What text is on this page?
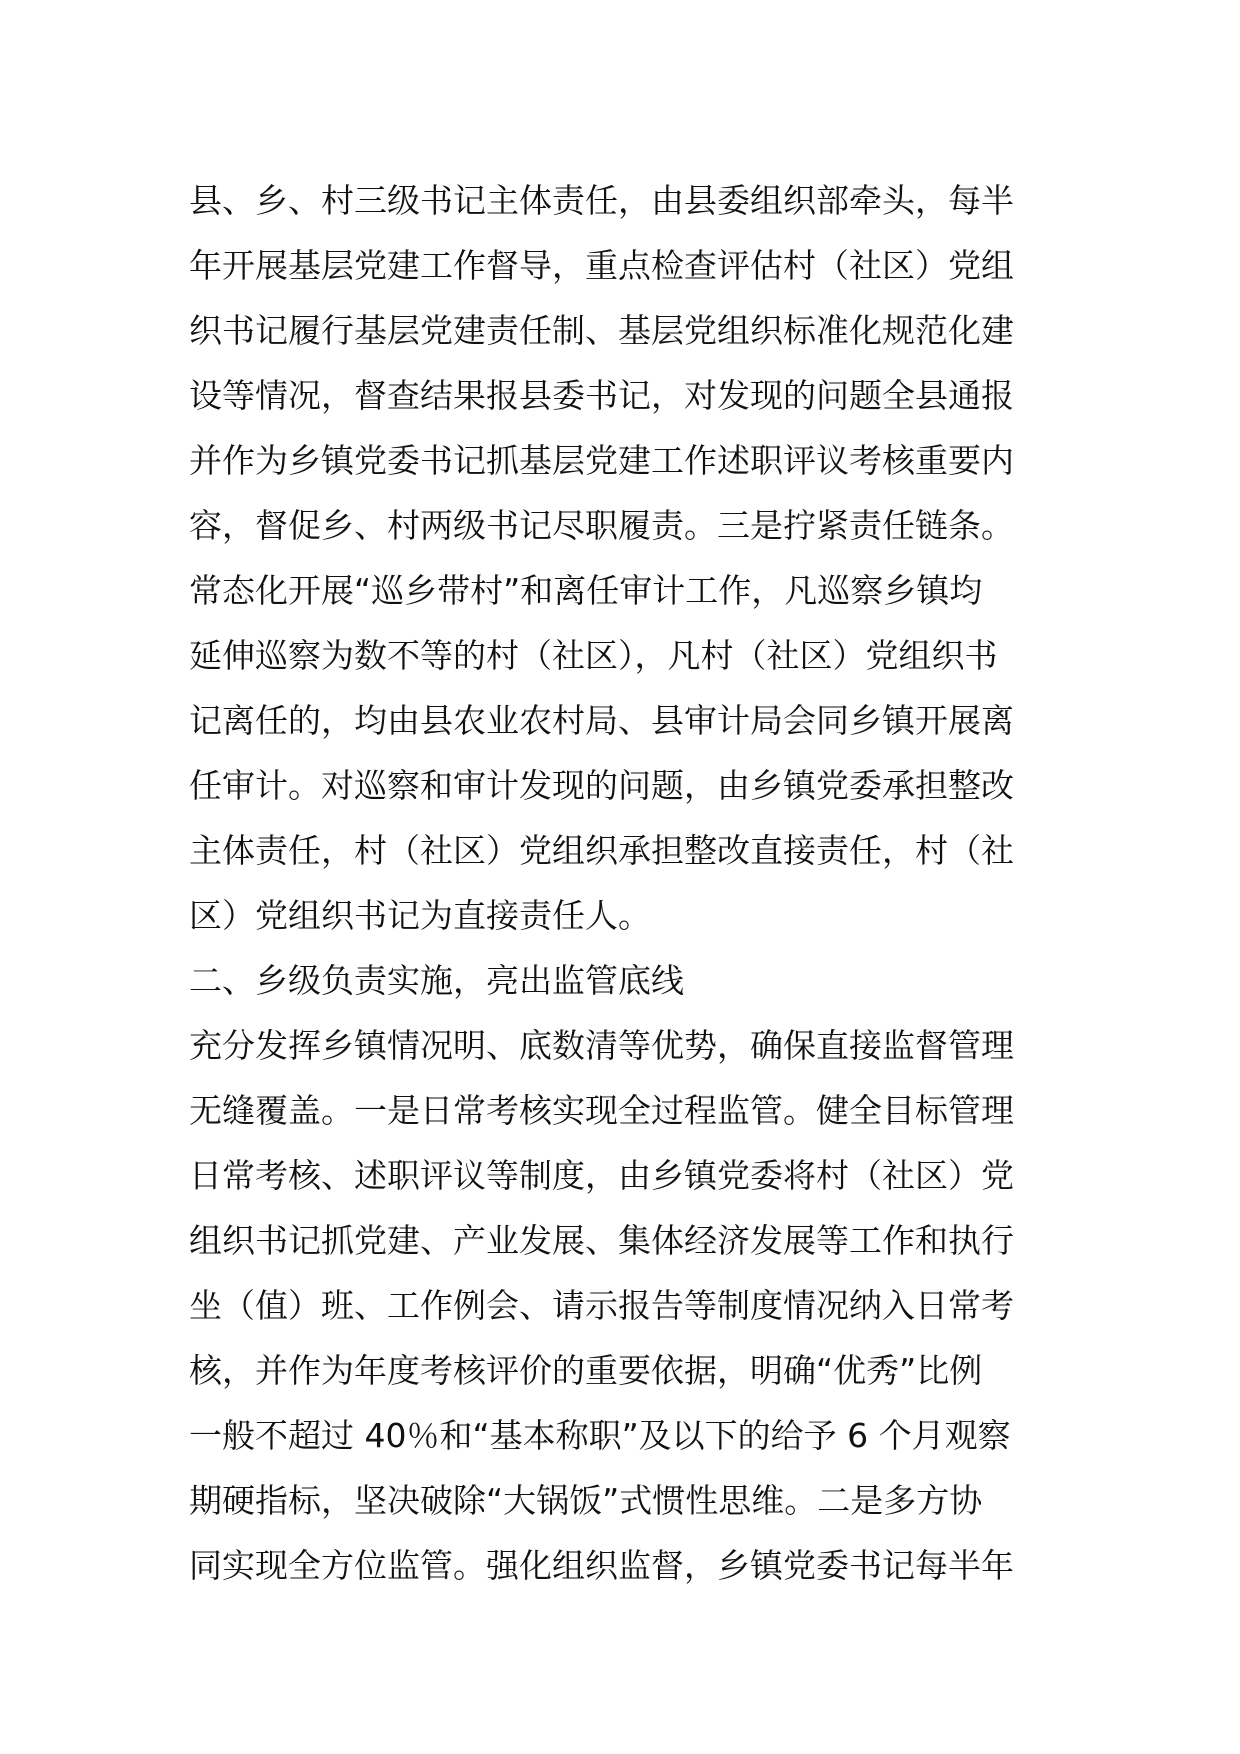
县、乡、村三级书记主体责任，由县委组织部牵头，每半
年开展基层党建工作督导，重点检查评估村（社区）党组
织书记履行基层党建责任制、基层党组织标准化规范化建
设等情况，督查结果报县委书记，对发现的问题全县通报
并作为乡镇党委书记抓基层党建工作述职评议考核重要内
容，督促乡、村两级书记尽职履责。三是拧紧责任链条。
常态化开展“巡乡带村”和离任审计工作，凡巡察乡镇均
延伸巡察为数不等的村（社区），凡村（社区）党组织书
记离任的，均由县农业农村局、县审计局会同乡镇开展离
任审计。对巡察和审计发现的问题，由乡镇党委承担整改
主体责任，村（社区）党组织承担整改直接责任，村（社
区）党组织书记为直接责任人。
二、乡级负责实施，亮出监管底线
充分发挥乡镇情况明、底数清等优势，确保直接监督管理
无缝覆盖。一是日常考核实现全过程监管。健全目标管理
日常考核、述职评议等制度，由乡镇党委将村（社区）党
组织书记抓党建、产业发展、集体经济发展等工作和执行
坐（值）班、工作例会、请示报告等制度情况纳入日常考
核，并作为年度考核评价的重要依据，明确“优秀”比例
一般不超过 40％和“基本称职”及以下的给予 6 个月观察
期硬指标，坚决破除“大锅饭”式惯性思维。二是多方协
同实现全方位监管。强化组织监督，乡镇党委书记每半年
